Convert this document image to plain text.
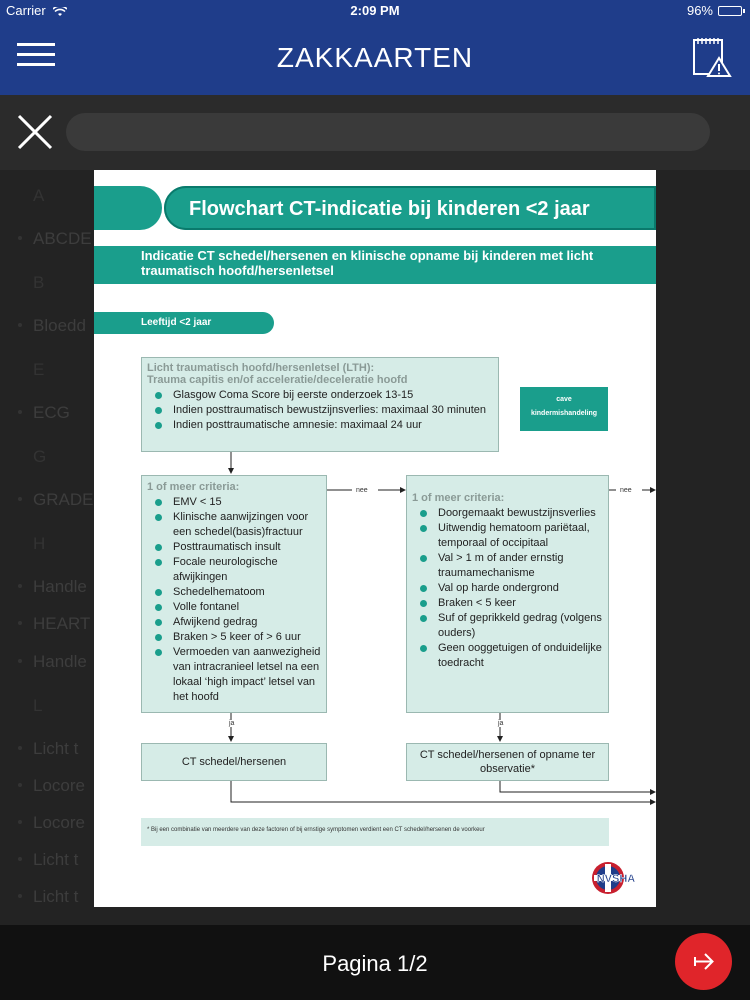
Carrier	2:09 PM	96%
ZAKKAARTEN
A
ABCDE
B
Bloedd
E
ECG
G
GRADE
H
Handle
HEART
Handle
L
Licht t
Locore
Locore
Licht t
Licht t
Flowchart CT-indicatie bij kinderen <2 jaar
Indicatie CT schedel/hersenen en klinische opname bij kinderen met licht traumatisch hoofd/hersenletsel
Leeftijd <2 jaar
Licht traumatisch hoofd/hersenletsel (LTH):
Trauma capitis en/of acceleratie/deceleratie hoofd
Glasgow Coma Score bij eerste onderzoek 13-15
Indien posttraumatisch bewustzijnsverlies: maximaal 30 minuten
Indien posttraumatische amnesie: maximaal 24 uur
cave
kindermishandeling
1 of meer criteria:
EMV < 15
Klinische aanwijzingen voor een schedel(basis)fractuur
Posttraumatisch insult
Focale neurologische afwijkingen
Schedelhematoom
Volle fontanel
Afwijkend gedrag
Braken > 5 keer of > 6 uur
Vermoeden van aanwezigheid van intracranieel letsel na een lokaal ‘high impact’ letsel van het hoofd
1 of meer criteria:
Doorgemaakt bewustzijnsverlies
Uitwendig hematoom pariëtaal, temporaal of occipitaal
Val > 1 m of ander ernstig traumamechanisme
Val op harde ondergrond
Braken < 5 keer
Suf of geprikkeld gedrag (volgens ouders)
Geen ooggetuigen of onduidelijke toedracht
CT schedel/hersenen
CT schedel/hersenen of opname ter observatie*
nee	nee
ja	ja
* Bij een combinatie van meerdere van deze factoren of bij ernstige symptomen verdient een CT schedel/hersenen de voorkeur
NVSHA
Pagina 1/2
